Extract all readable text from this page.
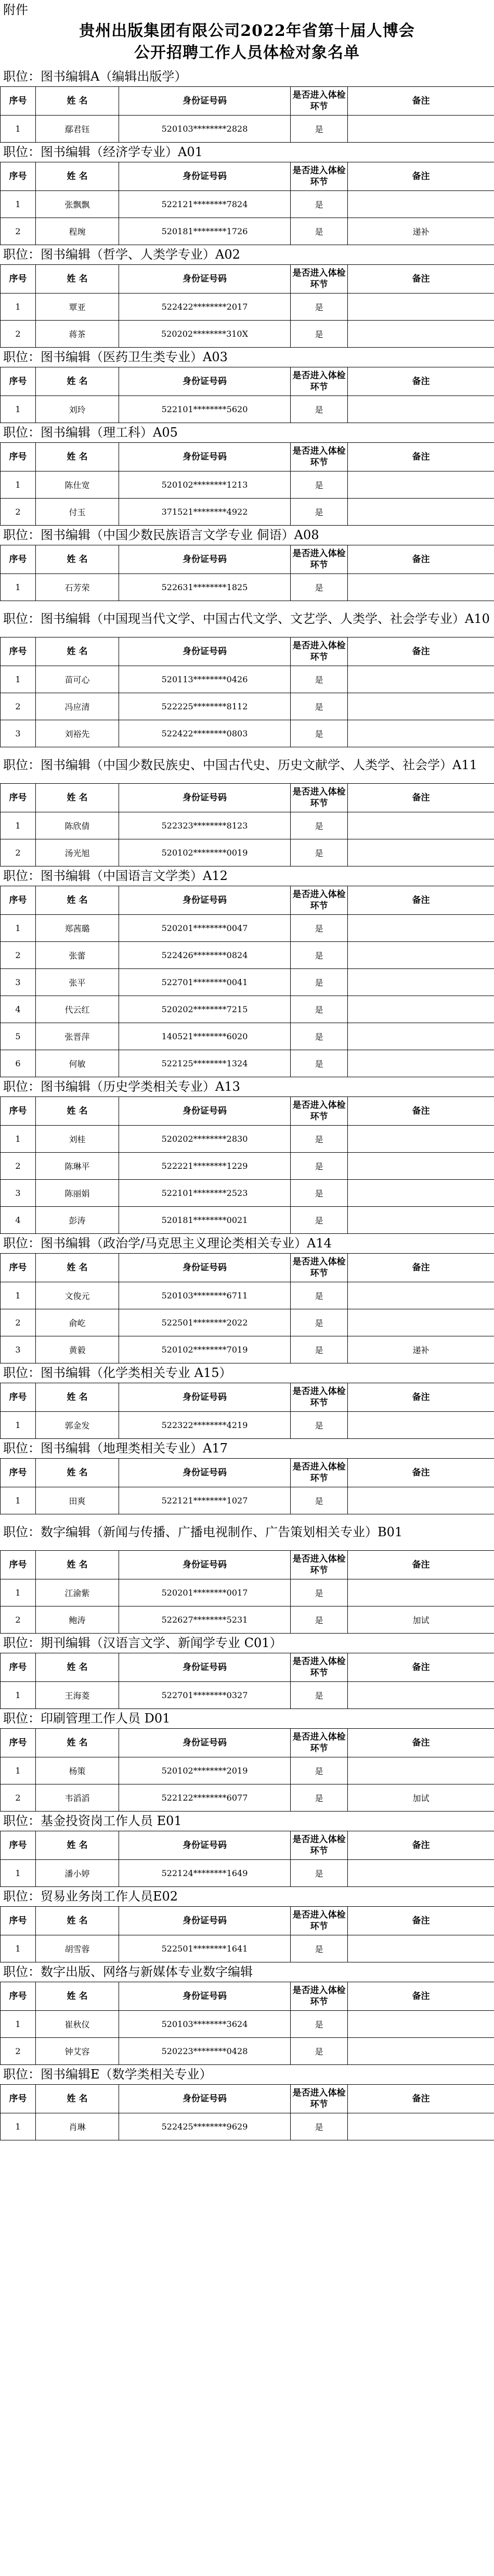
附件
贵州出版集团有限公司2022年省第十届人博会
公开招聘工作人员体检对象名单
职位：图书编辑A（编辑出版学）
序号	姓 名	身份证号码	是否进入体检环节	备注
1	鄢君钰	520103********2828	是	
职位：图书编辑（经济学专业）A01
序号	姓 名	身份证号码	是否进入体检环节	备注
1	张飘飘	522121********7824	是	
2	程琬	520181********1726	是	递补
职位：图书编辑（哲学、人类学专业）A02
序号	姓 名	身份证号码	是否进入体检环节	备注
1	覃亚	522422********2017	是	
2	蒋茶	520202********310X	是	
职位：图书编辑（医药卫生类专业）A03
序号	姓 名	身份证号码	是否进入体检环节	备注
1	刘玲	522101********5620	是	
职位：图书编辑（理工科）A05
序号	姓 名	身份证号码	是否进入体检环节	备注
1	陈仕宽	520102********1213	是	
2	付玉	371521********4922	是	
职位：图书编辑（中国少数民族语言文学专业 侗语）A08
序号	姓 名	身份证号码	是否进入体检环节	备注
1	石芳荣	522631********1825	是	
职位：图书编辑（中国现当代文学、中国古代文学、文艺学、人类学、社会学专业）A10
序号	姓 名	身份证号码	是否进入体检环节	备注
1	苗可心	520113********0426	是	
2	冯应清	522225********8112	是	
3	刘裕先	522422********0803	是	
职位：图书编辑（中国少数民族史、中国古代史、历史文献学、人类学、社会学）A11
序号	姓 名	身份证号码	是否进入体检环节	备注
1	陈欣倩	522323********8123	是	
2	汤光旭	520102********0019	是	
职位：图书编辑（中国语言文学类）A12
序号	姓 名	身份证号码	是否进入体检环节	备注
1	郑茜璐	520201********0047	是	
2	张蕾	522426********0824	是	
3	张平	522701********0041	是	
4	代云红	520202********7215	是	
5	张晋萍	140521********6020	是	
6	何敏	522125********1324	是	
职位：图书编辑（历史学类相关专业）A13
序号	姓 名	身份证号码	是否进入体检环节	备注
1	刘桂	520202********2830	是	
2	陈琳平	522221********1229	是	
3	陈丽娟	522101********2523	是	
4	彭涛	520181********0021	是	
职位：图书编辑（政治学/马克思主义理论类相关专业）A14
序号	姓 名	身份证号码	是否进入体检环节	备注
1	文俊元	520103********6711	是	
2	俞屹	522501********2022	是	
3	黄毅	520102********7019	是	递补
职位：图书编辑（化学类相关专业 A15）
序号	姓 名	身份证号码	是否进入体检环节	备注
1	郭金发	522322********4219	是	
职位：图书编辑（地理类相关专业）A17
序号	姓 名	身份证号码	是否进入体检环节	备注
1	田爽	522121********1027	是	
职位：数字编辑（新闻与传播、广播电视制作、广告策划相关专业）B01
序号	姓 名	身份证号码	是否进入体检环节	备注
1	江渝紫	520201********0017	是	
2	鲍涛	522627********5231	是	加试
职位：期刊编辑（汉语言文学、新闻学专业 C01）
序号	姓 名	身份证号码	是否进入体检环节	备注
1	王海菱	522701********0327	是	
职位：印刷管理工作人员 D01
序号	姓 名	身份证号码	是否进入体检环节	备注
1	杨策	520102********2019	是	
2	韦滔滔	522122********6077	是	加试
职位：基金投资岗工作人员 E01
序号	姓 名	身份证号码	是否进入体检环节	备注
1	潘小婷	522124********1649	是	
职位：贸易业务岗工作人员E02
序号	姓 名	身份证号码	是否进入体检环节	备注
1	胡雪蓉	522501********1641	是	
职位：数字出版、网络与新媒体专业数字编辑
序号	姓 名	身份证号码	是否进入体检环节	备注
1	崔秋仪	520103********3624	是	
2	钟艾容	520223********0428	是	
职位：图书编辑E（数学类相关专业）
序号	姓 名	身份证号码	是否进入体检环节	备注
1	肖琳	522425********9629	是	
